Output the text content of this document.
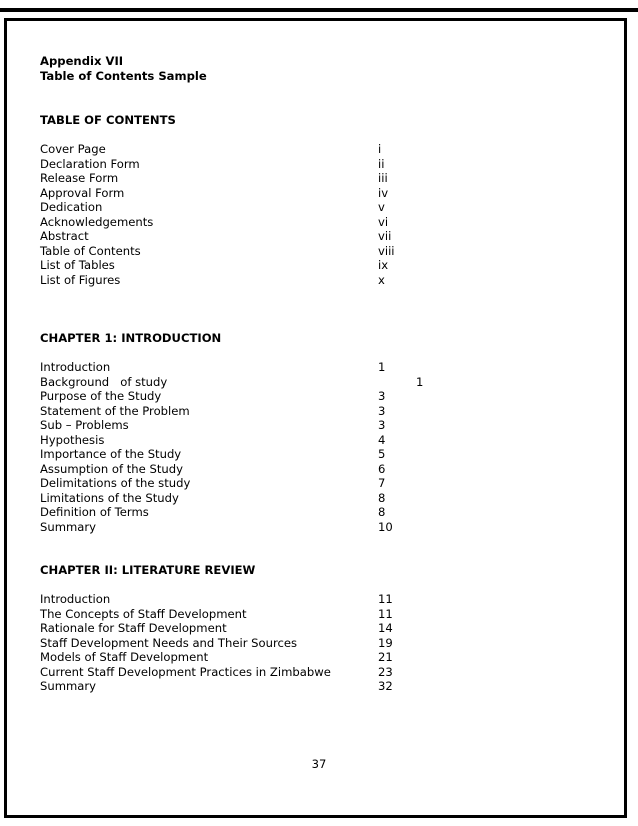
Appendix VII
Table of Contents Sample
TABLE OF CONTENTS
Cover Page	i
Declaration Form	ii
Release Form	iii
Approval Form	iv
Dedication	v
Acknowledgements	vi
Abstract	vii
Table of Contents	viii
List of Tables	ix
List of Figures	x
CHAPTER 1: INTRODUCTION
Introduction	1
Background   of study	1
Purpose of the Study	3
Statement of the Problem	3
Sub – Problems	3
Hypothesis	4
Importance of the Study	5
Assumption of the Study	6
Delimitations of the study	7
Limitations of the Study	8
Definition of Terms	8
Summary	10
CHAPTER II: LITERATURE REVIEW
Introduction	11
The Concepts of Staff Development	11
Rationale for Staff Development	14
Staff Development Needs and Their Sources	19
Models of Staff Development	21
Current Staff Development Practices in Zimbabwe	23
Summary	32
37
